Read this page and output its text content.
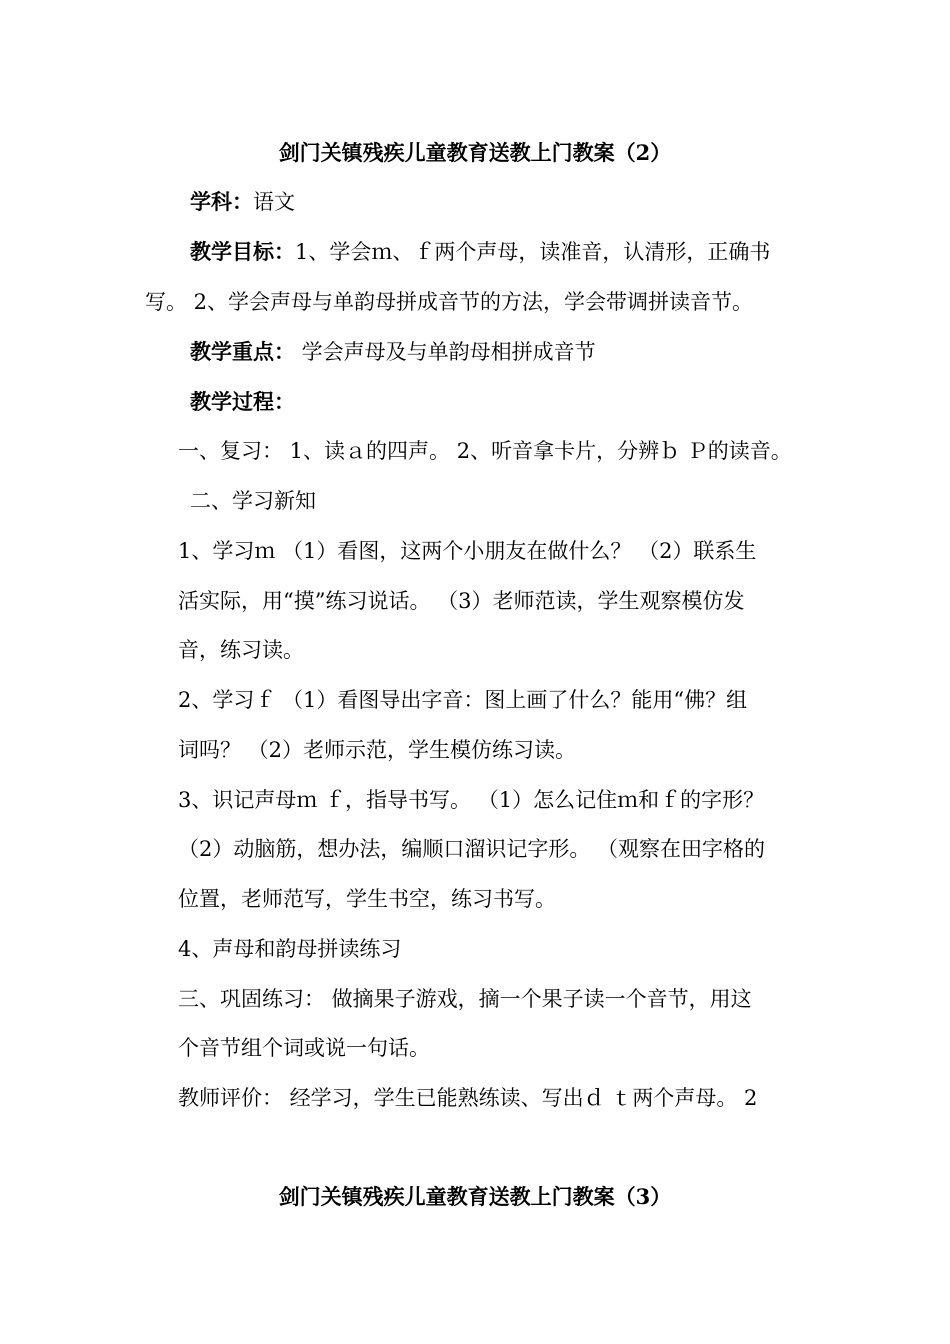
剑门关镇残疾儿童教育送教上门教案（2）
学科：语文
教学目标：1、学会ｍ、ｆ两个声母，读准音，认清形，正确书
写。 2、学会声母与单韵母拼成音节的方法，学会带调拼读音节。
教学重点： 学会声母及与单韵母相拼成音节
教学过程：
一、复习： 1、读ａ的四声。 2、听音拿卡片，分辨ｂ Ｐ的读音。
二、学习新知
1、学习ｍ （1）看图，这两个小朋友在做什么？ （2）联系生
活实际，用“摸”练习说话。 （3）老师范读，学生观察模仿发
音，练习读。
2、学习ｆ （1）看图导出字音：图上画了什么？能用“佛？组
词吗？ （2）老师示范，学生模仿练习读。
3、识记声母ｍ ｆ，指导书写。 （1）怎么记住ｍ和ｆ的字形？
（2）动脑筋，想办法，编顺口溜识记字形。 （观察在田字格的
位置，老师范写，学生书空，练习书写。
4、声母和韵母拼读练习
三、巩固练习： 做摘果子游戏，摘一个果子读一个音节，用这
个音节组个词或说一句话。
教师评价： 经学习，学生已能熟练读、写出ｄ ｔ两个声母。 2
剑门关镇残疾儿童教育送教上门教案（3）
